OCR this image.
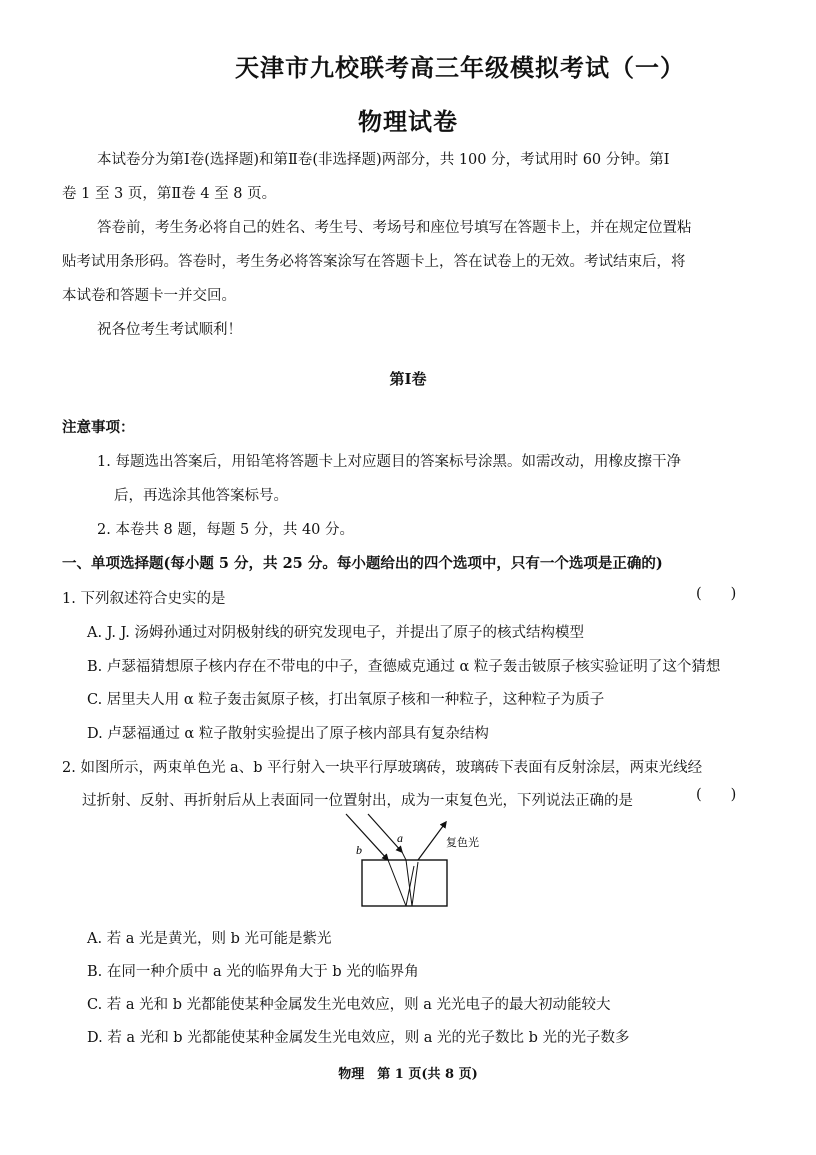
天津市九校联考高三年级模拟考试（一）
物理试卷
本试卷分为第Ⅰ卷(选择题)和第Ⅱ卷(非选择题)两部分，共 100 分，考试用时 60 分钟。第Ⅰ
卷 1 至 3 页，第Ⅱ卷 4 至 8 页。
答卷前，考生务必将自己的姓名、考生号、考场号和座位号填写在答题卡上，并在规定位置粘
贴考试用条形码。答卷时，考生务必将答案涂写在答题卡上，答在试卷上的无效。考试结束后，将
本试卷和答题卡一并交回。
祝各位考生考试顺利！
第Ⅰ卷
注意事项：
1. 每题选出答案后，用铅笔将答题卡上对应题目的答案标号涂黑。如需改动，用橡皮擦干净
后，再选涂其他答案标号。
2. 本卷共 8 题，每题 5 分，共 40 分。
一、单项选择题(每小题 5 分，共 25 分。每小题给出的四个选项中，只有一个选项是正确的)
1. 下列叙述符合史实的是	(　　)
A. J. J. 汤姆孙通过对阴极射线的研究发现电子，并提出了原子的核式结构模型
B. 卢瑟福猜想原子核内存在不带电的中子，查德威克通过 α 粒子轰击铍原子核实验证明了这个猜想
C. 居里夫人用 α 粒子轰击氮原子核，打出氧原子核和一种粒子，这种粒子为质子
D. 卢瑟福通过 α 粒子散射实验提出了原子核内部具有复杂结构
2. 如图所示，两束单色光 a、b 平行射入一块平行厚玻璃砖，玻璃砖下表面有反射涂层，两束光线经
过折射、反射、再折射后从上表面同一位置射出，成为一束复色光，下列说法正确的是	(　　)
b
a	复色光
A. 若 a 光是黄光，则 b 光可能是紫光
B. 在同一种介质中 a 光的临界角大于 b 光的临界角
C. 若 a 光和 b 光都能使某种金属发生光电效应，则 a 光光电子的最大初动能较大
D. 若 a 光和 b 光都能使某种金属发生光电效应，则 a 光的光子数比 b 光的光子数多
物理　第 1 页(共 8 页)
